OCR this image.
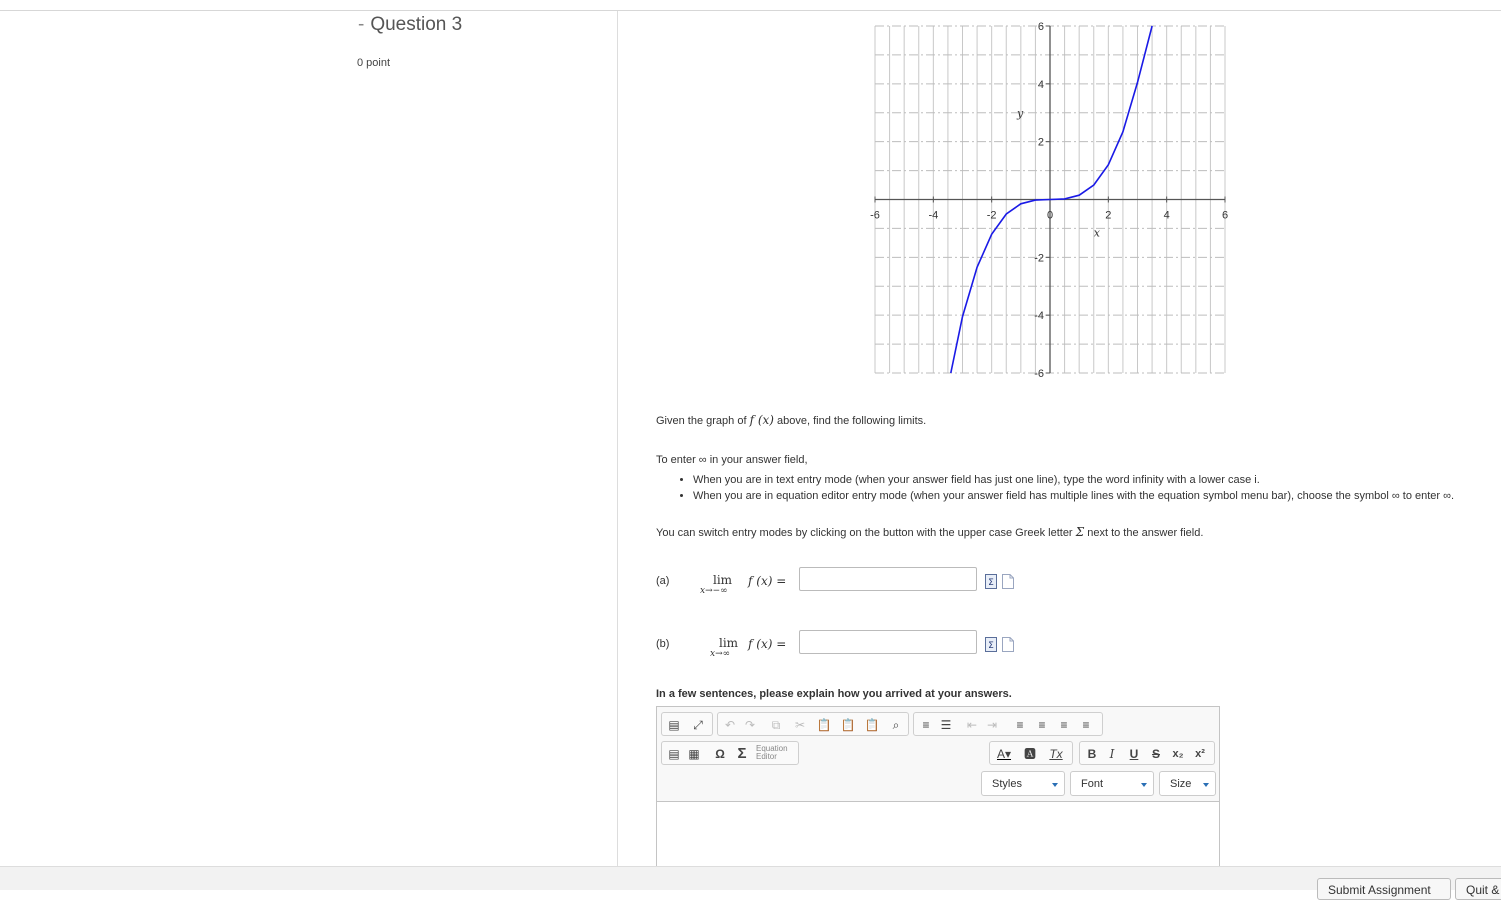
- Question 3
0 point
-6	-4	-2	0	2	4	6
6
4
2
-2
-4
-6
x
y
Given the graph of f (x) above, find the following limits.
To enter ∞ in your answer field,
• When you are in text entry mode (when your answer field has just one line), type the word infinity with a lower case i.
• When you are in equation editor entry mode (when your answer field has multiple lines with the equation symbol menu bar), choose the symbol ∞ to enter ∞.
You can switch entry modes by clicking on the button with the upper case Greek letter Σ next to the answer field.
(a)	lim
x→−∞
f (x) =	Σ
(b)	lim
x→∞
f (x) =	Σ
In a few sentences, please explain how you arrived at your answers.
▤ ⤢ ↶ ↷	⧉	✂ 📋 📋 📋	⌕	≡ ☰ ⇤ ⇥	≡	≡	≡	≡
▤ ▦ Ω Σ	Equation
Editor	A▾ 🅰 Tx	B	I	U	S	x₂ x²
Styles	Font	Size
Submit Assignment	Quit &
